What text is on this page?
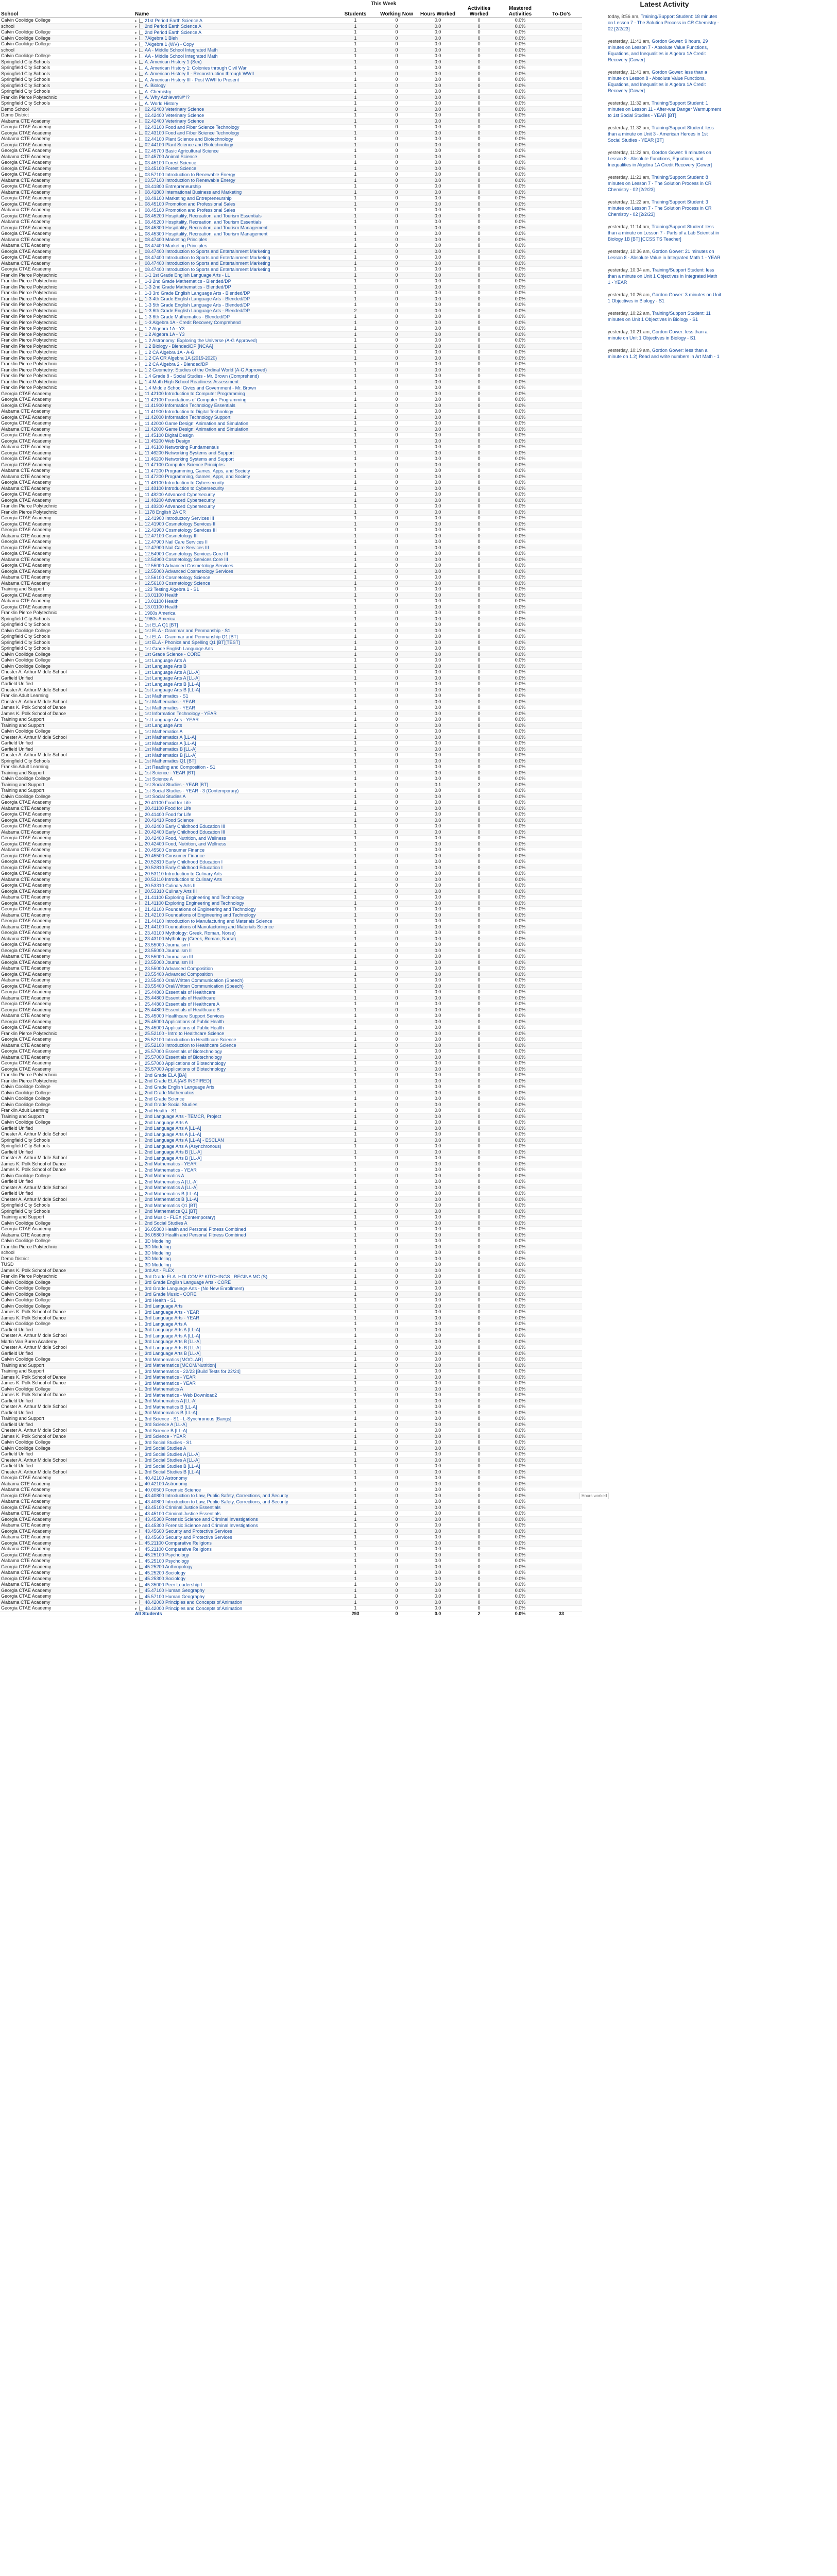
This Week
School	Name	Students	Working Now	Hours Worked	Activities Worked	Mastered
Activities	To-Do's
Calvin Coolidge College	▸ 21st Period Earth Science A	1	0	0.0	0	0.0%	
school	▸ 2nd Period Earth Science A	1	0	0.0	0	0.0%	
Calvin Coolidge College	▸ 2nd Period Earth Science A	1	0	0.0	0	0.0%	
Calvin Coolidge College	▸ 7Algebra 1 Bleh	1	0	0.0	0	0.0%	
Calvin Coolidge College	▸ 7Algebra 1 (WV) - Copy	1	0	0.0	0	0.0%	
school	▸ AA - Middle School Integrated Math	1	0	0.0	0	0.0%	
Calvin Coolidge College	▸ AA - Middle School Integrated Math	1	0	0.0	0	0.0%	
Springfield City Schools	▸ A. American History 1 (Sex)	1	0	0.0	0	0.0%	
Springfield City Schools	▸ A. American History 1: Colonies through Civil War	1	0	0.0	0	0.0%	
Springfield City Schools	▸ A. American History II - Reconstruction through WWII	1	0	0.0	0	0.0%	
Springfield City Schools	▸ A. American History III - Post WWII to Present	1	0	0.0	0	0.0%	
Springfield City Schools	▸ A. Biology	1	0	0.0	0	0.0%	
Springfield City Schools	▸ A. Chemistry	1	0	0.0	0	0.0%	
Franklin Pierce Polytechnic	▸ A. Why Achieve%#*!?	1	0	0.0	0	0.0%	
Springfield City Schools	▸ A. World History	1	0	0.0	0	0.0%	
Demo School	▸ 02.42400 Veterinary Science	1	0	0.0	0	0.0%	
Demo District	▸ 02.42400 Veterinary Science	1	0	0.0	0	0.0%	
Alabama CTE Academy	▸ 02.42400 Veterinary Science	1	0	0.0	0	0.0%	
Georgia CTAE Academy	▸ 02.43100 Food and Fiber Science Technology	1	0	0.0	0	0.0%	
Georgia CTAE Academy	▸ 02.43100 Food and Fiber Science Technology	1	0	0.0	0	0.0%	
Alabama CTE Academy	▸ 02.44100 Plant Science and Biotechnology	1	0	0.0	0	0.0%	
Georgia CTAE Academy	▸ 02.44100 Plant Science and Biotechnology	1	0	0.0	0	0.0%	
Georgia CTAE Academy	▸ 02.45700 Basic Agricultural Science	1	0	0.0	0	0.0%	
Alabama CTE Academy	▸ 02.45700 Animal Science	1	0	0.0	0	0.0%	
Georgia CTAE Academy	▸ 03.45100 Forest Science	1	0	0.0	0	0.0%	
Georgia CTAE Academy	▸ 03.45100 Forest Science	1	0	0.0	0	0.0%	
Georgia CTAE Academy	▸ 03.57100 Introduction to Renewable Energy	1	0	0.0	0	0.0%	
Alabama CTE Academy	▸ 03.57100 Introduction to Renewable Energy	1	0	0.0	0	0.0%	
Georgia CTAE Academy	▸ 08.41800 Entrepreneurship	1	0	0.0	0	0.0%	
Alabama CTE Academy	▸ 08.41800 International Business and Marketing	1	0	0.0	0	0.0%	
Georgia CTAE Academy	▸ 08.49100 Marketing and Entrepreneurship	1	0	0.0	0	0.0%	
Georgia CTAE Academy	▸ 08.45100 Promotion and Professional Sales	1	0	0.0	0	0.0%	
Alabama CTE Academy	▸ 08.45100 Promotion and Professional Sales	1	0	0.0	0	0.0%	
Georgia CTAE Academy	▸ 08.45200 Hospitality, Recreation, and Tourism Essentials	1	0	0.0	0	0.0%	
Alabama CTE Academy	▸ 08.45200 Hospitality, Recreation, and Tourism Essentials	1	0	0.0	0	0.0%	
Georgia CTAE Academy	▸ 08.45300 Hospitality, Recreation, and Tourism Management	1	0	0.0	0	0.0%	
Georgia CTAE Academy	▸ 08.45300 Hospitality, Recreation, and Tourism Management	1	0	0.0	0	0.0%	
Alabama CTE Academy	▸ 08.47400 Marketing Principles	1	0	0.0	0	0.0%	
Alabama CTE Academy	▸ 08.47400 Marketing Principles	1	0	0.0	0	0.0%	
Georgia CTAE Academy	▸ 08.47400 Introduction to Sports and Entertainment Marketing	1	0	0.0	0	0.0%	
Georgia CTAE Academy	▸ 08.47400 Introduction to Sports and Entertainment Marketing	1	0	0.0	0	0.0%	
Alabama CTE Academy	▸ 08.47400 Introduction to Sports and Entertainment Marketing	1	0	0.0	0	0.0%	
Georgia CTAE Academy	▸ 08.47400 Introduction to Sports and Entertainment Marketing	1	0	0.0	0	0.0%	
Franklin Pierce Polytechnic	▸ 1-1 1st Grade English Language Arts - LL	1	0	0.0	0	0.0%	
Franklin Pierce Polytechnic	▸ 1-3 2nd Grade Mathematics - Blended/DP	1	0	0.0	0	0.0%	
Franklin Pierce Polytechnic	▸ 1-3 2nd Grade Mathematics - Blended/DP	1	0	0.0	0	0.0%	
Franklin Pierce Polytechnic	▸ 1-3 3rd Grade English Language Arts - Blended/DP	1	0	0.0	0	0.0%	
Franklin Pierce Polytechnic	▸ 1-3 4th Grade English Language Arts - Blended/DP	1	0	0.0	0	0.0%	
Franklin Pierce Polytechnic	▸ 1-3 5th Grade English Language Arts - Blended/DP	1	0	0.0	0	0.0%	
Franklin Pierce Polytechnic	▸ 1-3 6th Grade English Language Arts - Blended/DP	2	0	0.0	0	0.0%	
Franklin Pierce Polytechnic	▸ 1-3 6th Grade Mathematics - Blended/DP	1	0	0.0	0	0.0%	
Franklin Pierce Polytechnic	▸ 1-3 Algebra 1A - Credit Recovery Comprehend	1	0	0.0	0	0.0%	
Franklin Pierce Polytechnic	▸ 1.2 Algebra 1A - Y3	1	0	0.0	0	0.0%	
Franklin Pierce Polytechnic	▸ 1.2 Algebra 1A - Y3	1	0	0.0	0	0.0%	
Franklin Pierce Polytechnic	▸ 1.2 Astronomy: Exploring the Universe (A-G Approved)	1	0	0.0	0	0.0%	
Franklin Pierce Polytechnic	▸ 1.2 Biology - Blended/DP [NCAA]	1	0	0.0	0	0.0%	
Franklin Pierce Polytechnic	▸ 1.2 CA Algebra 1A - A-G	1	0	0.0	0	0.0%	
Franklin Pierce Polytechnic	▸ 1.2 CA CR Algebra 1A (2019-2020)	1	0	0.0	0	0.0%	
Franklin Pierce Polytechnic	▸ 1.2 CA Algebra 2 - Blended/DP	1	0	0.0	0	0.0%	
Franklin Pierce Polytechnic	▸ 1.2 Geometry: Studies of the Ordinal World (A-G Approved)	1	0	0.0	0	0.0%	
Franklin Pierce Polytechnic	▸ 1.4 Grade 8 - Social Studies - Mr. Brown (Comprehend)	1	0	0.0	0	0.0%	
Franklin Pierce Polytechnic	▸ 1.4 Math High School Readiness Assessment	1	0	0.0	0	0.0%	
Franklin Pierce Polytechnic	▸ 1.4 Middle School Civics and Government - Mr. Brown	1	0	0.0	0	0.0%	
Georgia CTAE Academy	▸ 11.42100 Introduction to Computer Programming	1	0	0.0	0	0.0%	
Georgia CTAE Academy	▸ 11.42100 Foundations of Computer Programming	1	0	0.0	0	0.0%	
Georgia CTAE Academy	▸ 11.41900 Information Technology Essentials	1	0	0.0	0	0.0%	
Alabama CTE Academy	▸ 11.41900 Introduction to Digital Technology	1	0	0.0	0	0.0%	
Georgia CTAE Academy	▸ 11.42000 Information Technology Support	1	0	0.0	0	0.0%	
Georgia CTAE Academy	▸ 11.42000 Game Design: Animation and Simulation	1	0	0.0	0	0.0%	
Alabama CTE Academy	▸ 11.42000 Game Design: Animation and Simulation	1	0	0.0	0	0.0%	
Georgia CTAE Academy	▸ 11.45100 Digital Design	1	0	0.0	0	0.0%	
Georgia CTAE Academy	▸ 11.45200 Web Design	1	0	0.0	0	0.0%	
Alabama CTE Academy	▸ 11.46100 Networking Fundamentals	1	0	0.0	0	0.0%	
Georgia CTAE Academy	▸ 11.46200 Networking Systems and Support	1	0	0.0	0	0.0%	
Georgia CTAE Academy	▸ 11.46200 Networking Systems and Support	1	0	0.0	0	0.0%	
Georgia CTAE Academy	▸ 11.47100 Computer Science Principles	1	0	0.0	0	0.0%	
Alabama CTE Academy	▸ 11.47200 Programming, Games, Apps, and Society	1	0	0.0	0	0.0%	
Alabama CTE Academy	▸ 11.47200 Programming, Games, Apps, and Society	1	0	0.0	0	0.0%	
Georgia CTAE Academy	▸ 11.48100 Introduction to Cybersecurity	1	0	0.0	0	0.0%	
Alabama CTE Academy	▸ 11.48100 Introduction to Cybersecurity	1	0	0.0	0	0.0%	
Georgia CTAE Academy	▸ 11.48200 Advanced Cybersecurity	1	0	0.0	0	0.0%	
Georgia CTAE Academy	▸ 11.48200 Advanced Cybersecurity	1	0	0.0	0	0.0%	
Franklin Pierce Polytechnic	▸ 11.48300 Advanced Cybersecurity	1	0	0.0	0	0.0%	
Franklin Pierce Polytechnic	▸ 1178 English 2A CR	1	0	0.0	0	0.0%	
Georgia CTAE Academy	▸ 12.41900 Introductory Services III	1	0	0.0	0	0.0%	
Georgia CTAE Academy	▸ 12.41900 Cosmetology Services II	1	0	0.0	0	0.0%	
Georgia CTAE Academy	▸ 12.41900 Cosmetology Services III	1	0	0.0	0	0.0%	
Alabama CTE Academy	▸ 12.47100 Cosmetology III	1	0	0.0	0	0.0%	
Georgia CTAE Academy	▸ 12.47900 Nail Care Services II	1	0	0.0	0	0.0%	
Georgia CTAE Academy	▸ 12.47900 Nail Care Services III	1	0	0.0	0	0.0%	
Georgia CTAE Academy	▸ 12.54900 Cosmetology Services Core III	1	0	0.0	0	0.0%	
Alabama CTE Academy	▸ 12.54900 Cosmetology Services Core III	1	0	0.0	0	0.0%	
Georgia CTAE Academy	▸ 12.55000 Advanced Cosmetology Services	1	0	0.0	0	0.0%	
Georgia CTAE Academy	▸ 12.55000 Advanced Cosmetology Services	1	0	0.0	0	0.0%	
Alabama CTE Academy	▸ 12.56100 Cosmetology Science	1	0	0.0	0	0.0%	
Alabama CTE Academy	▸ 12.56100 Cosmetology Science	1	0	0.0	0	0.0%	
Training and Support	▸ 123 Testing Algebra 1 - S1	1	0	0.0	0	0.0%	
Georgia CTAE Academy	▸ 13.01100 Health	1	0	0.0	0	0.0%	
Alabama CTE Academy	▸ 13.01100 Health	1	0	0.0	0	0.0%	
Georgia CTAE Academy	▸ 13.01100 Health	1	0	0.0	0	0.0%	
Franklin Pierce Polytechnic	▸ 1960s America	1	0	0.0	0	0.0%	
Springfield City Schools	▸ 1960s America	1	0	0.0	0	0.0%	
Springfield City Schools	▸ 1st ELA Q1 [BT]	1	0	0.0	0	0.0%	
Calvin Coolidge College	▸ 1st ELA - Grammar and Penmanship - S1	1	0	0.0	0	0.0%	
Springfield City Schools	▸ 1st ELA - Grammar and Penmanship Q1 [BT]	1	0	0.0	0	0.0%	
Springfield City Schools	▸ 1st ELA - Phonics and Spelling Q1 [BT][TEST]	1	0	0.0	0	0.0%	
Springfield City Schools	▸ 1st Grade English Language Arts	1	0	0.0	0	0.0%	
Calvin Coolidge College	▸ 1st Grade Science - CORE	1	0	0.0	0	0.0%	
Calvin Coolidge College	▸ 1st Language Arts A	1	0	0.0	0	0.0%	
Calvin Coolidge College	▸ 1st Language Arts B	1	0	0.0	0	0.0%	
Chester A. Arthur Middle School	▸ 1st Language Arts A [LL-A]	1	0	0.0	0	0.0%	
Garfield Unified	▸ 1st Language Arts A [LL-A]	1	0	0.0	0	0.0%	
Garfield Unified	▸ 1st Language Arts B [LL-A]	1	0	0.0	0	0.0%	
Chester A. Arthur Middle School	▸ 1st Language Arts B [LL-A]	1	0	0.0	0	0.0%	
Franklin Adult Learning	▸ 1st Mathematics - S1	1	0	0.0	0	0.0%	
Chester A. Arthur Middle School	▸ 1st Mathematics - YEAR	1	0	0.0	0	0.0%	
James K. Polk School of Dance	▸ 1st Mathematics - YEAR	1	0	0.0	0	0.0%	
James K. Polk School of Dance	▸ 1st Information Technology - YEAR	1	0	0.0	0	0.0%	
Training and Support	▸ 1st Language Arts - YEAR	1	0	0.0	0	0.0%	
Training and Support	▸ 1st Language Arts	1	0	0.0	0	0.0%	
Calvin Coolidge College	▸ 1st Mathematics A	1	0	0.0	0	0.0%	
Chester A. Arthur Middle School	▸ 1st Mathematics A [LL-A]	1	0	0.0	0	0.0%	
Garfield Unified	▸ 1st Mathematics A [LL-A]	1	0	0.0	0	0.0%	
Garfield Unified	▸ 1st Mathematics B [LL-A]	1	0	0.0	0	0.0%	
Chester A. Arthur Middle School	▸ 1st Mathematics B [LL-A]	1	0	0.0	0	0.0%	
Springfield City Schools	▸ 1st Mathematics Q1 [BT]	1	0	0.0	0	0.0%	
Franklin Adult Learning	▸ 1st Reading and Composition - S1	1	0	0.0	0	0.0%	
Training and Support	▸ 1st Science - YEAR [BT]	1	0	0.0	0	0.0%	
Calvin Coolidge College	▸ 1st Science A	1	0	0.0	0	0.0%	
Training and Support	▸ 1st Social Studies - YEAR [BT]	1	0	0.1	2	0.0%	
Training and Support	▸ 1st Social Studies - YEAR - 3 (Contemporary)	1	0	0.0	0	0.0%	
Calvin Coolidge College	▸ 1st Social Studies A	1	0	0.0	0	0.0%	
Georgia CTAE Academy	▸ 20.41100 Food for Life	1	0	0.0	0	0.0%	
Alabama CTE Academy	▸ 20.41100 Food for Life	1	0	0.0	0	0.0%	
Georgia CTAE Academy	▸ 20.41400 Food for Life	1	0	0.0	0	0.0%	
Georgia CTAE Academy	▸ 20.41410 Food Science	1	0	0.0	0	0.0%	
Georgia CTAE Academy	▸ 20.42400 Early Childhood Education III	1	0	0.0	0	0.0%	
Alabama CTE Academy	▸ 20.42400 Early Childhood Education III	1	0	0.0	0	0.0%	
Georgia CTAE Academy	▸ 20.42400 Food, Nutrition, and Wellness	1	0	0.0	0	0.0%	
Georgia CTAE Academy	▸ 20.42400 Food, Nutrition, and Wellness	1	0	0.0	0	0.0%	
Alabama CTE Academy	▸ 20.45500 Consumer Finance	1	0	0.0	0	0.0%	
Georgia CTAE Academy	▸ 20.45500 Consumer Finance	1	0	0.0	0	0.0%	
Georgia CTAE Academy	▸ 20.52810 Early Childhood Education I	1	0	0.0	0	0.0%	
Georgia CTAE Academy	▸ 20.52810 Early Childhood Education I	1	0	0.0	0	0.0%	
Georgia CTAE Academy	▸ 20.53110 Introduction to Culinary Arts	1	0	0.0	0	0.0%	
Alabama CTE Academy	▸ 20.53110 Introduction to Culinary Arts	1	0	0.0	0	0.0%	
Georgia CTAE Academy	▸ 20.53310 Culinary Arts II	1	0	0.0	0	0.0%	
Georgia CTAE Academy	▸ 20.53310 Culinary Arts III	1	0	0.0	0	0.0%	
Alabama CTE Academy	▸ 21.41100 Exploring Engineering and Technology	1	0	0.0	0	0.0%	
Georgia CTAE Academy	▸ 21.41100 Exploring Engineering and Technology	1	0	0.0	0	0.0%	
Georgia CTAE Academy	▸ 21.42100 Foundations of Engineering and Technology	1	0	0.0	0	0.0%	
Alabama CTE Academy	▸ 21.42100 Foundations of Engineering and Technology	1	0	0.0	0	0.0%	
Georgia CTAE Academy	▸ 21.44100 Introduction to Manufacturing and Materials Science	1	0	0.0	0	0.0%	
Alabama CTE Academy	▸ 21.44100 Foundations of Manufacturing and Materials Science	1	0	0.0	0	0.0%	
Georgia CTAE Academy	▸ 23.43100 Mythology: Greek, Roman, Norse)	1	0	0.0	0	0.0%	
Alabama CTE Academy	▸ 23.43100 Mythology (Greek, Roman, Norse)	1	0	0.0	0	0.0%	
Georgia CTAE Academy	▸ 23.55000 Journalism I	1	0	0.0	0	0.0%	
Georgia CTAE Academy	▸ 23.55000 Journalism II	1	0	0.0	0	0.0%	
Alabama CTE Academy	▸ 23.55000 Journalism III	1	0	0.0	0	0.0%	
Georgia CTAE Academy	▸ 23.55000 Journalism III	1	0	0.0	0	0.0%	
Alabama CTE Academy	▸ 23.55000 Advanced Composition	1	0	0.0	0	0.0%	
Georgia CTAE Academy	▸ 23.55400 Advanced Composition	1	0	0.0	0	0.0%	
Alabama CTE Academy	▸ 23.55400 Oral/Written Communication (Speech)	1	0	0.0	0	0.0%	
Georgia CTAE Academy	▸ 23.55400 Oral/Written Communication (Speech)	1	0	0.0	0	0.0%	
Georgia CTAE Academy	▸ 25.44800 Essentials of Healthcare	1	0	0.0	0	0.0%	
Alabama CTE Academy	▸ 25.44800 Essentials of Healthcare	1	0	0.0	0	0.0%	
Georgia CTAE Academy	▸ 25.44800 Essentials of Healthcare A	1	0	0.0	0	0.0%	
Georgia CTAE Academy	▸ 25.44800 Essentials of Healthcare B	1	0	0.0	0	0.0%	
Alabama CTE Academy	▸ 25.45000 Healthcare Support Services	1	0	0.0	0	0.0%	
Georgia CTAE Academy	▸ 25.45000 Applications of Public Health	1	0	0.0	0	0.0%	
Georgia CTAE Academy	▸ 25.45000 Applications of Public Health	1	0	0.0	0	0.0%	
Franklin Pierce Polytechnic	▸ 25.52100 - Intro to Healthcare Science	1	0	0.0	0	0.0%	
Georgia CTAE Academy	▸ 25.52100 Introduction to Healthcare Science	1	0	0.0	0	0.0%	
Alabama CTE Academy	▸ 25.52100 Introduction to Healthcare Science	1	0	0.0	0	0.0%	
Georgia CTAE Academy	▸ 25.57000 Essentials of Biotechnology	1	0	0.0	0	0.0%	
Alabama CTE Academy	▸ 25.57000 Essentials of Biotechnology	1	0	0.0	0	0.0%	
Georgia CTAE Academy	▸ 25.57000 Applications of Biotechnology	1	0	0.0	0	0.0%	
Georgia CTAE Academy	▸ 25.57000 Applications of Biotechnology	1	0	0.0	0	0.0%	
Franklin Pierce Polytechnic	▸ 2nd Grade ELA [BA]	1	0	0.0	0	0.0%	
Franklin Pierce Polytechnic	▸ 2nd Grade ELA [A/S INSPIRED]	1	0	0.0	0	0.0%	
Calvin Coolidge College	▸ 2nd Grade English Language Arts	1	0	0.0	0	0.0%	
Calvin Coolidge College	▸ 2nd Grade Mathematics	1	0	0.0	0	0.0%	
Calvin Coolidge College	▸ 2nd Grade Science	1	0	0.0	0	0.0%	
Calvin Coolidge College	▸ 2nd Grade Social Studies	1	0	0.0	0	0.0%	
Franklin Adult Learning	▸ 2nd Health - S1	1	0	0.0	0	0.0%	
Training and Support	▸ 2nd Language Arts - TEMCR, Project	1	0	0.0	0	0.0%	
Calvin Coolidge College	▸ 2nd Language Arts A	1	0	0.0	0	0.0%	
Garfield Unified	▸ 2nd Language Arts A [LL-A]	1	0	0.0	0	0.0%	
Chester A. Arthur Middle School	▸ 2nd Language Arts A [LL-A]	1	0	0.0	0	0.0%	
Springfield City Schools	▸ 2nd Language Arts A [LL-A] - ESCLAN	1	0	0.0	0	0.0%	
Springfield City Schools	▸ 2nd Language Arts A (Asynchronous)	1	0	0.0	0	0.0%	
Garfield Unified	▸ 2nd Language Arts B [LL-A]	1	0	0.0	0	0.0%	
Chester A. Arthur Middle School	▸ 2nd Language Arts B [LL-A]	1	0	0.0	0	0.0%	
James K. Polk School of Dance	▸ 2nd Mathematics - YEAR	1	0	0.0	0	0.0%	
James K. Polk School of Dance	▸ 2nd Mathematics - YEAR	1	0	0.0	0	0.0%	
Calvin Coolidge College	▸ 2nd Mathematics A	1	0	0.0	0	0.0%	
Garfield Unified	▸ 2nd Mathematics A [LL-A]	1	0	0.0	0	0.0%	
Chester A. Arthur Middle School	▸ 2nd Mathematics A [LL-A]	1	0	0.0	0	0.0%	
Garfield Unified	▸ 2nd Mathematics B [LL-A]	1	0	0.0	0	0.0%	
Chester A. Arthur Middle School	▸ 2nd Mathematics B [LL-A]	1	0	0.0	0	0.0%	
Springfield City Schools	▸ 2nd Mathematics Q1 [BT]	1	0	0.0	0	0.0%	
Springfield City Schools	▸ 2nd Mathematics Q1 [BT]	1	0	0.0	0	0.0%	
Training and Support	▸ 2nd Music - FLEX (Contemporary)	1	0	0.0	0	0.0%	
Calvin Coolidge College	▸ 2nd Social Studies A	1	0	0.0	0	0.0%	
Georgia CTAE Academy	▸ 36.05800 Health and Personal Fitness Combined	1	0	0.0	0	0.0%	
Alabama CTE Academy	▸ 36.05800 Health and Personal Fitness Combined	1	0	0.0	0	0.0%	
Calvin Coolidge College	▸ 3D Modeling	1	0	0.0	0	0.0%	
Franklin Pierce Polytechnic	▸ 3D Modeling	1	0	0.0	0	0.0%	
school	▸ 3D Modeling	1	0	0.0	0	0.0%	
Demo District	▸ 3D Modeling	1	0	0.0	0	0.0%	
TUSD	▸ 3D Modeling	1	0	0.0	0	0.0%	
James K. Polk School of Dance	▸ 3rd Art - FLEX	1	0	0.0	0	0.0%	
Franklin Pierce Polytechnic	▸ 3rd Grade ELA_HOLCOMB* KITCHINGS_ REGINA MC (S)	1	0	0.0	0	0.0%	
Calvin Coolidge College	▸ 3rd Grade English Language Arts - CORE	1	0	0.0	0	0.0%	
Calvin Coolidge College	▸ 3rd Grade Language Arts - (No New Enrollment)	1	0	0.0	0	0.0%	
Calvin Coolidge College	▸ 3rd Grade Music - CORE	1	0	0.0	0	0.0%	
Calvin Coolidge College	▸ 3rd Health - S1	1	0	0.0	0	0.0%	
Calvin Coolidge College	▸ 3rd Language Arts	1	0	0.0	0	0.0%	
James K. Polk School of Dance	▸ 3rd Language Arts - YEAR	1	0	0.0	0	0.0%	
James K. Polk School of Dance	▸ 3rd Language Arts - YEAR	1	0	0.0	0	0.0%	
Calvin Coolidge College	▸ 3rd Language Arts A	1	0	0.0	0	0.0%	
Garfield Unified	▸ 3rd Language Arts A [LL-A]	1	0	0.0	0	0.0%	
Chester A. Arthur Middle School	▸ 3rd Language Arts A [LL-A]	1	0	0.0	0	0.0%	
Martin Van Buren Academy	▸ 3rd Language Arts B [LL-A]	1	0	0.0	0	0.0%	
Chester A. Arthur Middle School	▸ 3rd Language Arts B [LL-A]	1	0	0.0	0	0.0%	
Garfield Unified	▸ 3rd Language Arts B [LL-A]	1	0	0.0	0	0.0%	
Calvin Coolidge College	▸ 3rd Mathematics [MOCLAR]	1	0	0.0	0	0.0%	
Training and Support	▸ 3rd Mathematics [MCOM/Nutrition]	1	0	0.0	0	0.0%	
Training and Support	▸ 3rd Mathematics - 22/23 [Build Tests for 22/24]	1	0	0.0	0	0.0%	
James K. Polk School of Dance	▸ 3rd Mathematics - YEAR	1	0	0.0	0	0.0%	
James K. Polk School of Dance	▸ 3rd Mathematics - YEAR	1	0	0.0	0	0.0%	
Calvin Coolidge College	▸ 3rd Mathematics A	1	0	0.0	0	0.0%	
James K. Polk School of Dance	▸ 3rd Mathematics - Web Download2	1	0	0.0	0	0.0%	
Garfield Unified	▸ 3rd Mathematics A [LL-A]	1	0	0.0	0	0.0%	
Chester A. Arthur Middle School	▸ 3rd Mathematics B [LL-A]	1	0	0.0	0	0.0%	
Garfield Unified	▸ 3rd Mathematics B [LL-A]	1	0	0.0	0	0.0%	
Training and Support	▸ 3rd Science - S1 - L-Synchronous [Bangs]	1	0	0.0	0	0.0%	
Garfield Unified	▸ 3rd Science A [LL-A]	1	0	0.0	0	0.0%	
Chester A. Arthur Middle School	▸ 3rd Science B [LL-A]	1	0	0.0	0	0.0%	
James K. Polk School of Dance	▸ 3rd Science - YEAR	1	0	0.0	0	0.0%	
Calvin Coolidge College	▸ 3rd Social Studies - S1	1	0	0.0	0	0.0%	
Calvin Coolidge College	▸ 3rd Social Studies A	1	0	0.0	0	0.0%	
Garfield Unified	▸ 3rd Social Studies A [LL-A]	1	0	0.0	0	0.0%	
Chester A. Arthur Middle School	▸ 3rd Social Studies A [LL-A]	1	0	0.0	0	0.0%	
Garfield Unified	▸ 3rd Social Studies B [LL-A]	1	0	0.0	0	0.0%	
Chester A. Arthur Middle School	▸ 3rd Social Studies B [LL-A]	1	0	0.0	0	0.0%	
Georgia CTAE Academy	▸ 40.42100 Astronomy	1	0	0.0	0	0.0%	
Alabama CTE Academy	▸ 40.42100 Astronomy	1	0	0.0	0	0.0%	
Alabama CTE Academy	▸ 40.00500 Forensic Science	1	0	0.0	0	0.0%	
Georgia CTAE Academy	▸ 43.40800 Introduction to Law, Public Safety, Corrections, and Security	1	0	0.0	0	0.0%	
Alabama CTE Academy	▸ 43.40800 Introduction to Law, Public Safety, Corrections, and Security	1	0	0.0	0	0.0%	
Georgia CTAE Academy	▸ 43.45100 Criminal Justice Essentials	1	0	0.0	0	0.0%	
Alabama CTE Academy	▸ 43.45100 Criminal Justice Essentials	1	0	0.0	0	0.0%	
Georgia CTAE Academy	▸ 43.45300 Forensic Science and Criminal Investigations	1	0	0.0	0	0.0%	
Alabama CTE Academy	▸ 43.45300 Forensic Science and Criminal Investigations	1	0	0.0	0	0.0%	
Georgia CTAE Academy	▸ 43.45600 Security and Protective Services	1	0	0.0	0	0.0%	
Alabama CTE Academy	▸ 43.45600 Security and Protective Services	1	0	0.0	0	0.0%	
Georgia CTAE Academy	▸ 45.21100 Comparative Religions	1	0	0.0	0	0.0%	
Alabama CTE Academy	▸ 45.21100 Comparative Religions	1	0	0.0	0	0.0%	
Georgia CTAE Academy	▸ 45.25100 Psychology	1	0	0.0	0	0.0%	
Alabama CTE Academy	▸ 45.25100 Psychology	1	0	0.0	0	0.0%	
Georgia CTAE Academy	▸ 45.25200 Anthropology	1	0	0.0	0	0.0%	
Alabama CTE Academy	▸ 45.25200 Sociology	1	0	0.0	0	0.0%	
Georgia CTAE Academy	▸ 45.25300 Sociology	1	0	0.0	0	0.0%	
Alabama CTE Academy	▸ 45.35000 Peer Leadership I	1	0	0.0	0	0.0%	
Georgia CTAE Academy	▸ 45.47100 Human Geography	1	0	0.0	0	0.0%	
Georgia CTAE Academy	▸ 45.57100 Human Geography	1	0	0.0	0	0.0%	
Alabama CTE Academy	▸ 48.42000 Principles and Concepts of Animation	1	0	0.0	0	0.0%	
Georgia CTAE Academy	▸ 48.42000 Principles and Concepts of Animation	1	0	0.0	0	0.0%	
	All Students	293	0	0.0	2	0.0%	33
Hours worked
Latest Activity
today, 8:56 am, Training/Support Student: 18 minutes on Lesson 7 - The Solution Process in CR Chemistry - 02 [2/2/23]
yesterday, 11:41 am, Gordon Gower: 9 hours, 29 minutes on Lesson 7 - Absolute Value Functions, Equations, and Inequalities in Algebra 1A Credit Recovery [Gower]
yesterday, 11:41 am, Gordon Gower: less than a minute on Lesson 8 - Absolute Value Functions, Equations, and Inequalities in Algebra 1A Credit Recovery [Gower]
yesterday, 11:32 am, Training/Support Student: 1 minutes on Lesson 11 - After-war Danger Warmupment to 1st Social Studies - YEAR [BT]
yesterday, 11:32 am, Training/Support Student: less than a minute on Unit 3 - American Heroes in 1st Social Studies - YEAR [BT]
yesterday, 11:22 am, Gordon Gower: 9 minutes on Lesson 8 - Absolute Functions, Equations, and Inequalities in Algebra 1A Credit Recovery [Gower]
yesterday, 11:21 am, Training/Support Student: 8 minutes on Lesson 7 - The Solution Process in CR Chemistry - 02 [2/2/23]
yesterday, 11:22 am, Training/Support Student: 3 minutes on Lesson 7 - The Solution Process in CR Chemistry - 02 [2/2/23]
yesterday, 11:14 am, Training/Support Student: less than a minute on Lesson 7 - Parts of a Lab Scientist in Biology 1B [BT] [CCSS TS Teacher]
yesterday, 10:36 am, Gordon Gower: 21 minutes on Lesson 8 - Absolute Value in Integrated Math 1 - YEAR
yesterday, 10:34 am, Training/Support Student: less than a minute on Unit 1 Objectives in Integrated Math 1 - YEAR
yesterday, 10:26 am, Gordon Gower: 3 minutes on Unit 1 Objectives in Biology - S1
yesterday, 10:22 am, Training/Support Student: 11 minutes on Unit 1 Objectives in Biology - S1
yesterday, 10:21 am, Gordon Gower: less than a minute on Unit 1 Objectives in Biology - S1
yesterday, 10:19 am, Gordon Gower: less than a minute on 1.2) Read and write numbers in Art Math - 1
